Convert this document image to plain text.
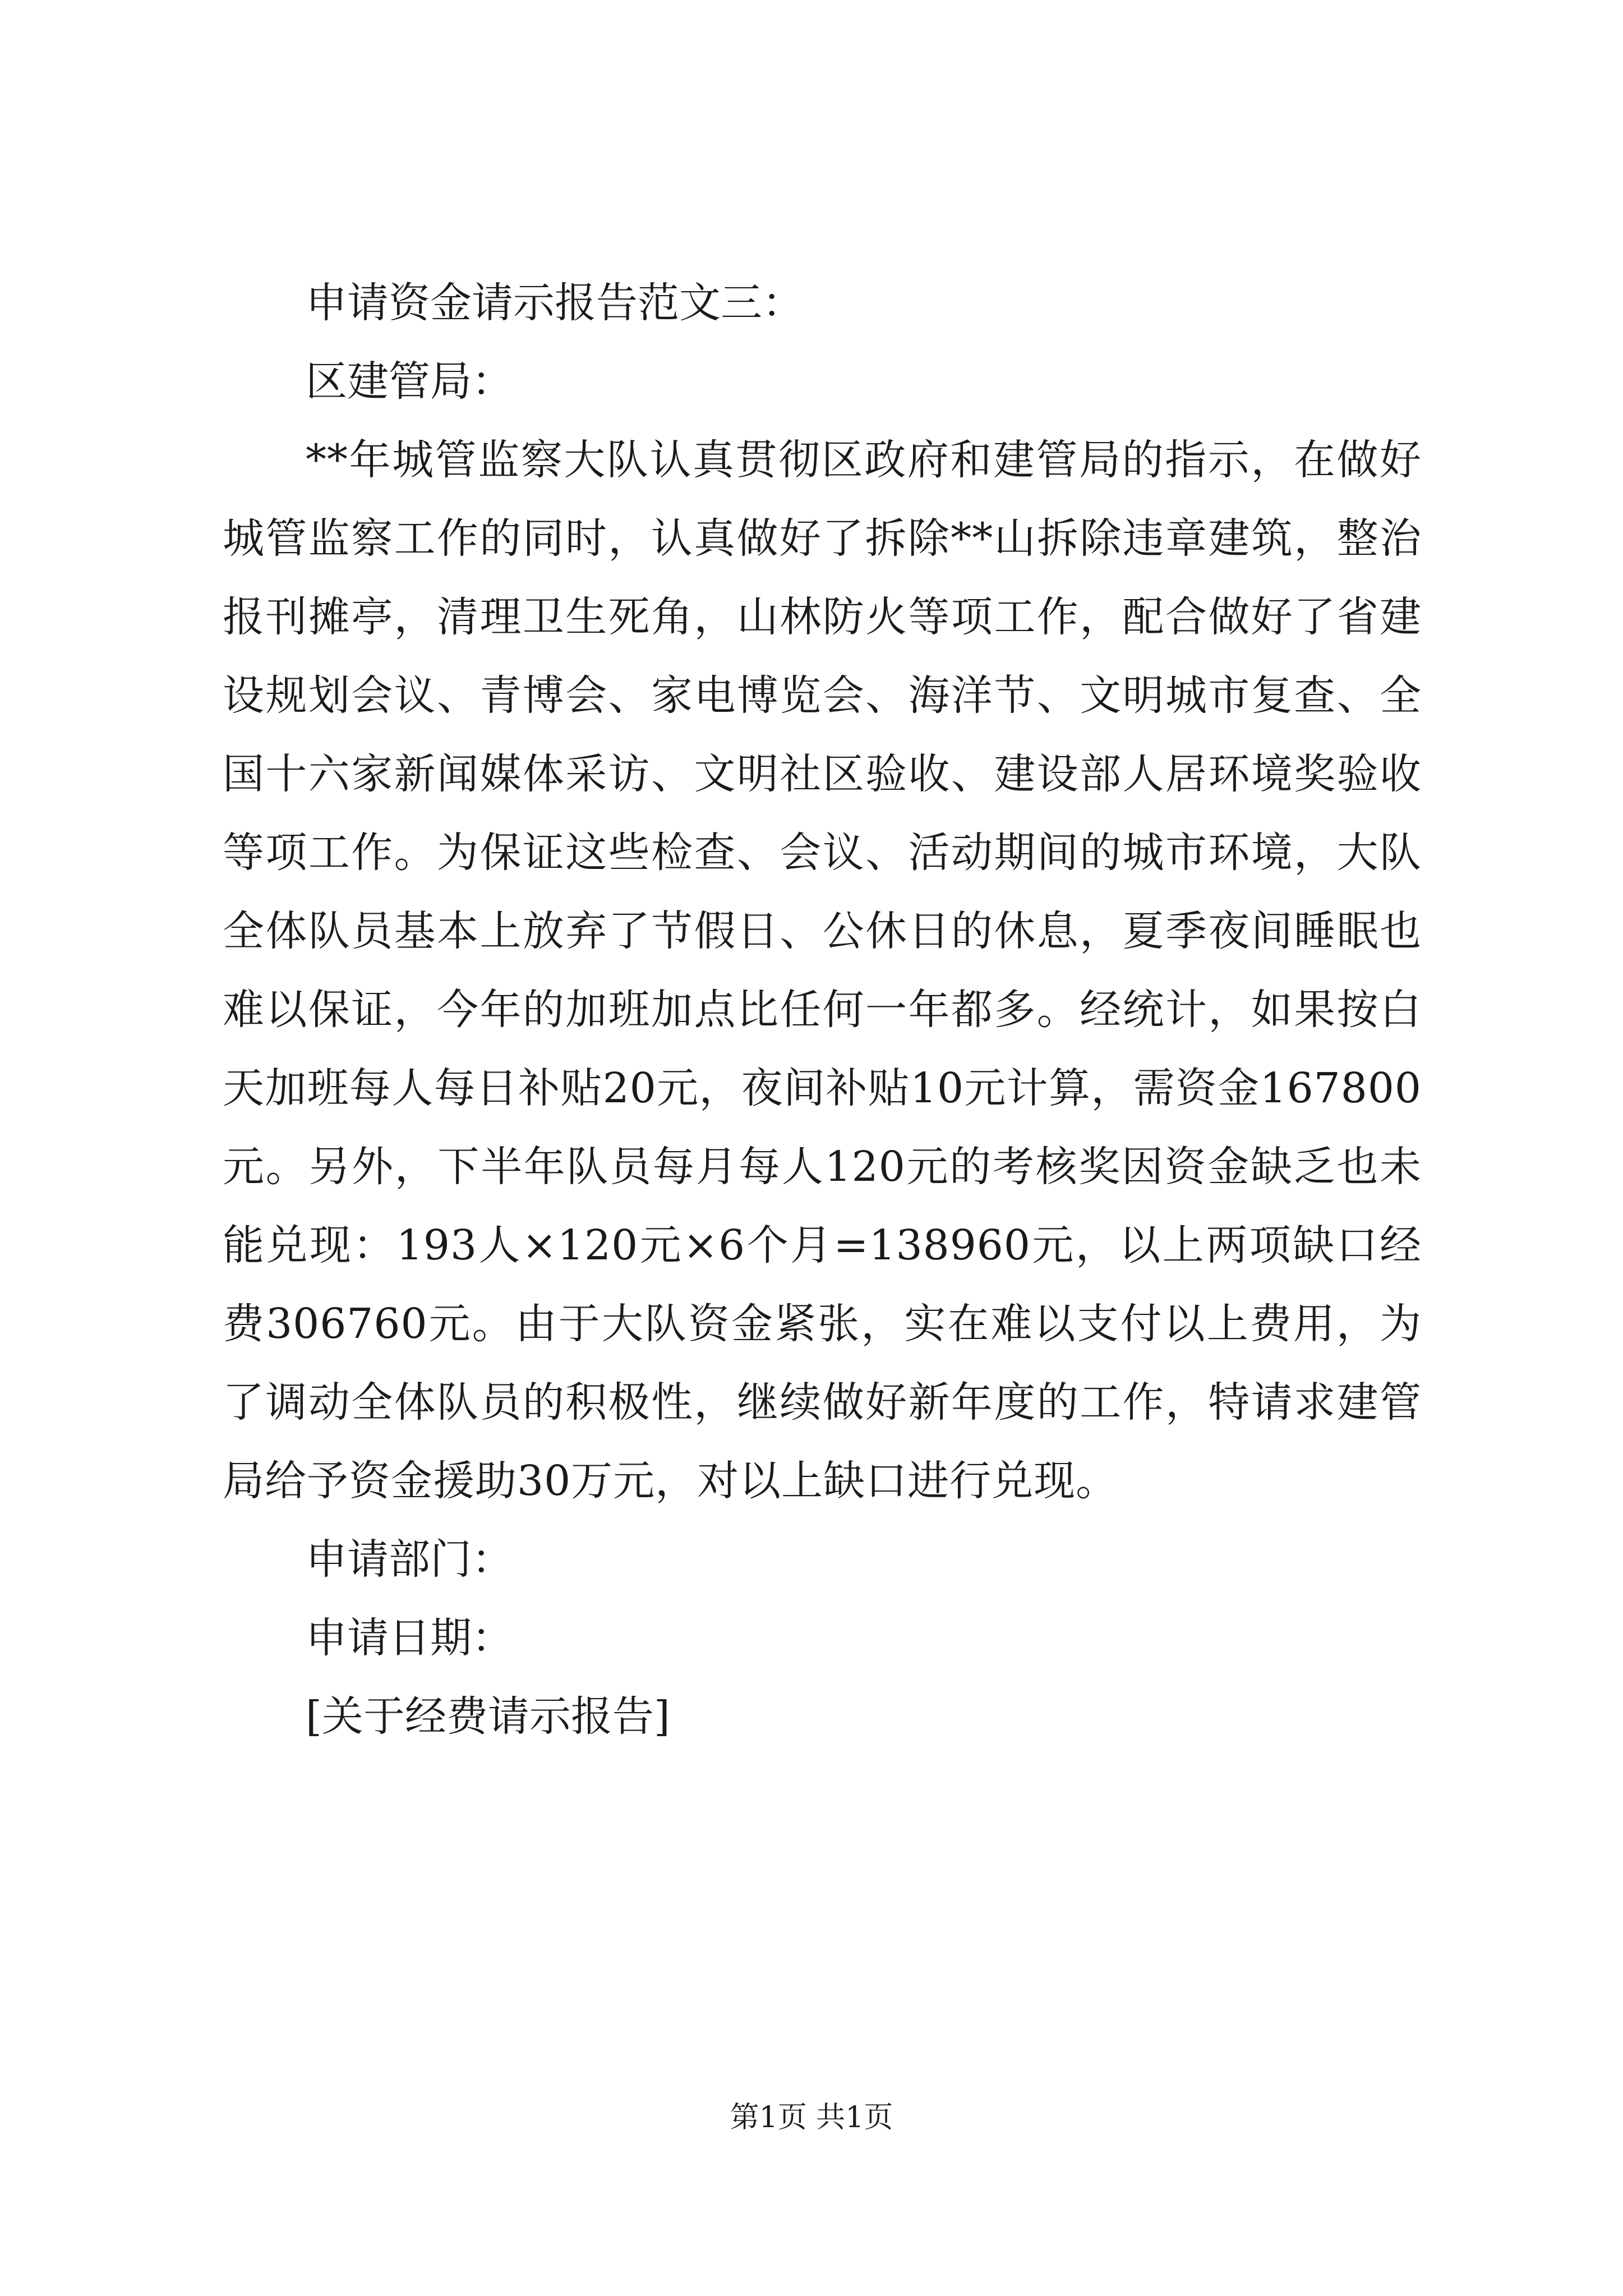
申请资金请示报告范文三：

区建管局：

**年城管监察大队认真贯彻区政府和建管局的指示，在做好城管监察工作的同时，认真做好了拆除**山拆除违章建筑，整治报刊摊亭，清理卫生死角，山林防火等项工作，配合做好了省建设规划会议、青博会、家电博览会、海洋节、文明城市复查、全国十六家新闻媒体采访、文明社区验收、建设部人居环境奖验收等项工作。为保证这些检查、会议、活动期间的城市环境，大队全体队员基本上放弃了节假日、公休日的休息，夏季夜间睡眠也难以保证，今年的加班加点比任何一年都多。经统计，如果按白天加班每人每日补贴20元，夜间补贴10元计算，需资金167800元。另外，下半年队员每月每人120元的考核奖因资金缺乏也未能兑现：193人×120元×6个月=138960元，以上两项缺口经费306760元。由于大队资金紧张，实在难以支付以上费用，为了调动全体队员的积极性，继续做好新年度的工作，特请求建管局给予资金援助30万元，对以上缺口进行兑现。

申请部门：

申请日期：

[关于经费请示报告]

第1页 共1页
